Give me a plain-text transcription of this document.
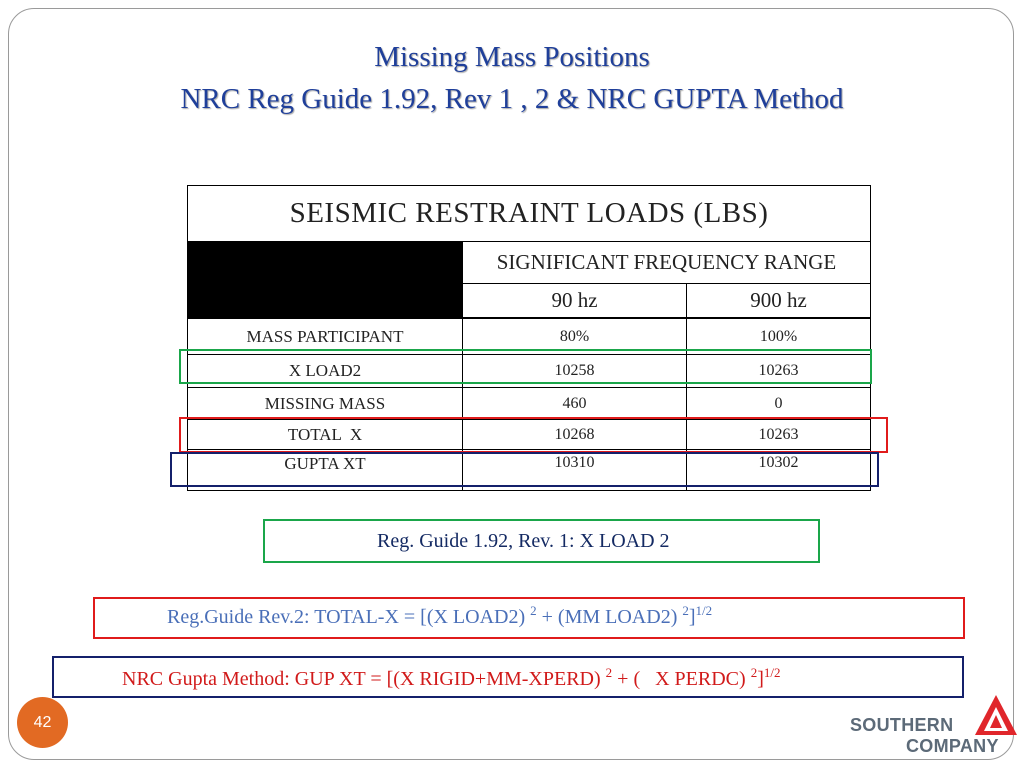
Missing Mass Positions
NRC Reg Guide 1.92, Rev 1 , 2 & NRC GUPTA Method
SEISMIC RESTRAINT LOADS (LBS)
SIGNIFICANT FREQUENCY RANGE
90 hz	900 hz
MASS PARTICIPANT	80%	100%
X LOAD2	10258	10263
MISSING MASS	460	0
TOTAL  X	10268	10263
GUPTA XT	10310	10302
Reg. Guide 1.92, Rev. 1: X LOAD 2
Reg.Guide Rev.2: TOTAL-X = [(X LOAD2) $^2$ + (MM LOAD2) $^2$]$^{1/2}$
NRC Gupta Method: GUP XT = [(X RIGID+MM-XPERD) $^2$ + (   X PERDC) $^2$]$^{1/2}$
42	SOUTHERN
COMPANY
